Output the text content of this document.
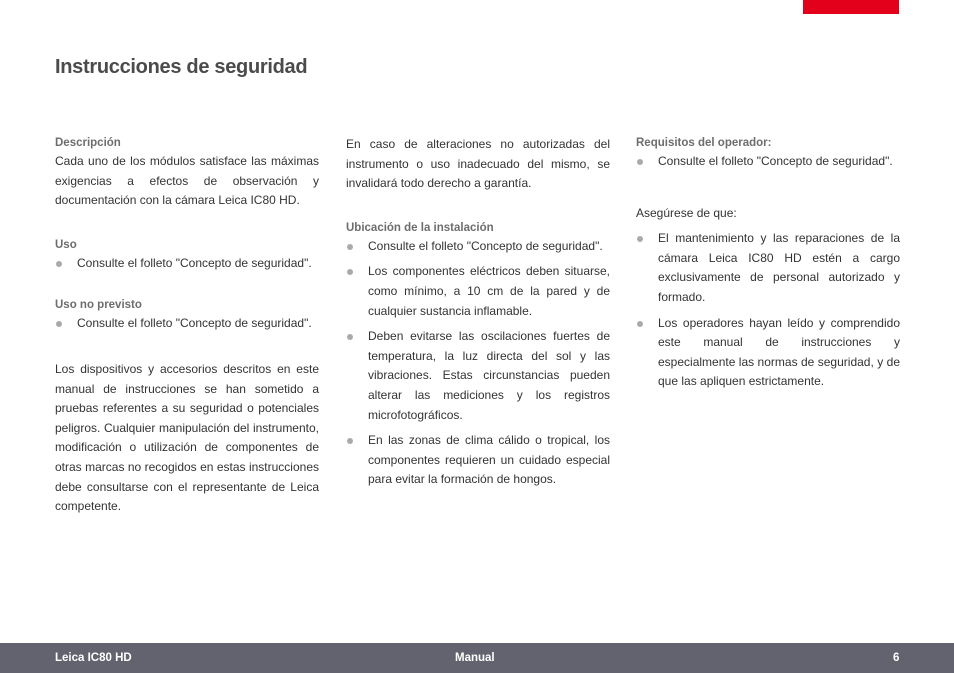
Instrucciones de seguridad
Descripción

Cada uno de los módulos satisface las máximas exigencias a efectos de observación y documentación con la cámara Leica IC80 HD.

Uso
Consulte el folleto "Concepto de seguridad".
Uso no previsto
Consulte el folleto "Concepto de seguridad".

Los dispositivos y accesorios descritos en este manual de instrucciones se han sometido a pruebas referentes a su seguridad o potenciales peligros. Cualquier manipulación del instrumento, modificación o utilización de componentes de otras marcas no recogidos en estas instrucciones debe consultarse con el representante de Leica competente.

En caso de alteraciones no autorizadas del instrumento o uso inadecuado del mismo, se invalidará todo derecho a garantía.

Ubicación de la instalación
Consulte el folleto "Concepto de seguridad".
Los componentes eléctricos deben situarse, como mínimo, a 10 cm de la pared y de cualquier sustancia inflamable.
Deben evitarse las oscilaciones fuertes de temperatura, la luz directa del sol y las vibraciones. Estas circunstancias pueden alterar las mediciones y los registros microfotográficos.
En las zonas de clima cálido o tropical, los componentes requieren un cuidado especial para evitar la formación de hongos.
Requisitos del operador:
Consulte el folleto "Concepto de seguridad".

Asegúrese de que:

El mantenimiento y las reparaciones de la cámara Leica IC80 HD estén a cargo exclusivamente de personal autorizado y formado.
Los operadores hayan leído y comprendido este manual de instrucciones y especialmente las normas de seguridad, y de que las apliquen estrictamente.
Leica IC80 HD	Manual	6
